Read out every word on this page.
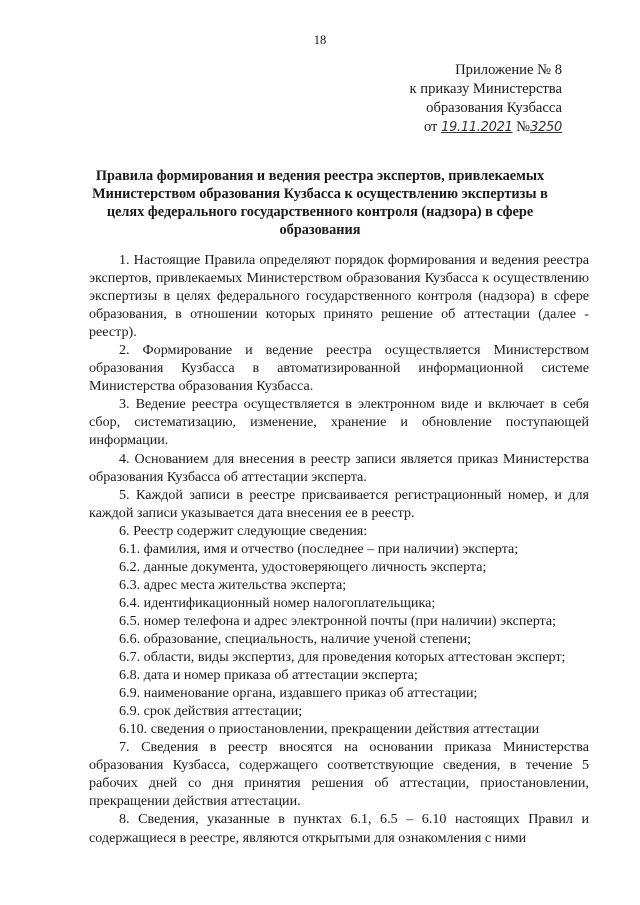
18
Приложение № 8
к приказу Министерства
образования Кузбасса
от 19.11.2021 №3250
Правила формирования и ведения реестра экспертов, привлекаемых
Министерством образования Кузбасса к осуществлению экспертизы в
целях федерального государственного контроля (надзора) в сфере
образования

1. Настоящие Правила определяют порядок формирования и ведения реестра экспертов, привлекаемых Министерством образования Кузбасса к осуществлению экспертизы в целях федерального государственного контроля (надзора) в сфере образования, в отношении которых принято решение об аттестации (далее - реестр).

2. Формирование и ведение реестра осуществляется Министерством образования Кузбасса в автоматизированной информационной системе Министерства образования Кузбасса.

3. Ведение реестра осуществляется в электронном виде и включает в себя сбор, систематизацию, изменение, хранение и обновление поступающей информации.

4. Основанием для внесения в реестр записи является приказ Министерства образования Кузбасса об аттестации эксперта.

5. Каждой записи в реестре присваивается регистрационный номер, и для каждой записи указывается дата внесения ее в реестр.

6. Реестр содержит следующие сведения:

6.1. фамилия, имя и отчество (последнее – при наличии) эксперта;

6.2. данные документа, удостоверяющего личность эксперта;

6.3. адрес места жительства эксперта;

6.4. идентификационный номер налогоплательщика;

6.5. номер телефона и адрес электронной почты (при наличии) эксперта;

6.6. образование, специальность, наличие ученой степени;

6.7. области, виды экспертиз, для проведения которых аттестован эксперт;

6.8. дата и номер приказа об аттестации эксперта;

6.9. наименование органа, издавшего приказ об аттестации;

6.9. срок действия аттестации;

6.10. сведения о приостановлении, прекращении действия аттестации

7. Сведения в реестр вносятся на основании приказа Министерства образования Кузбасса, содержащего соответствующие сведения, в течение 5 рабочих дней со дня принятия решения об аттестации, приостановлении, прекращении действия аттестации.

8. Сведения, указанные в пунктах 6.1, 6.5 – 6.10 настоящих Правил и содержащиеся в реестре, являются открытыми для ознакомления с ними
